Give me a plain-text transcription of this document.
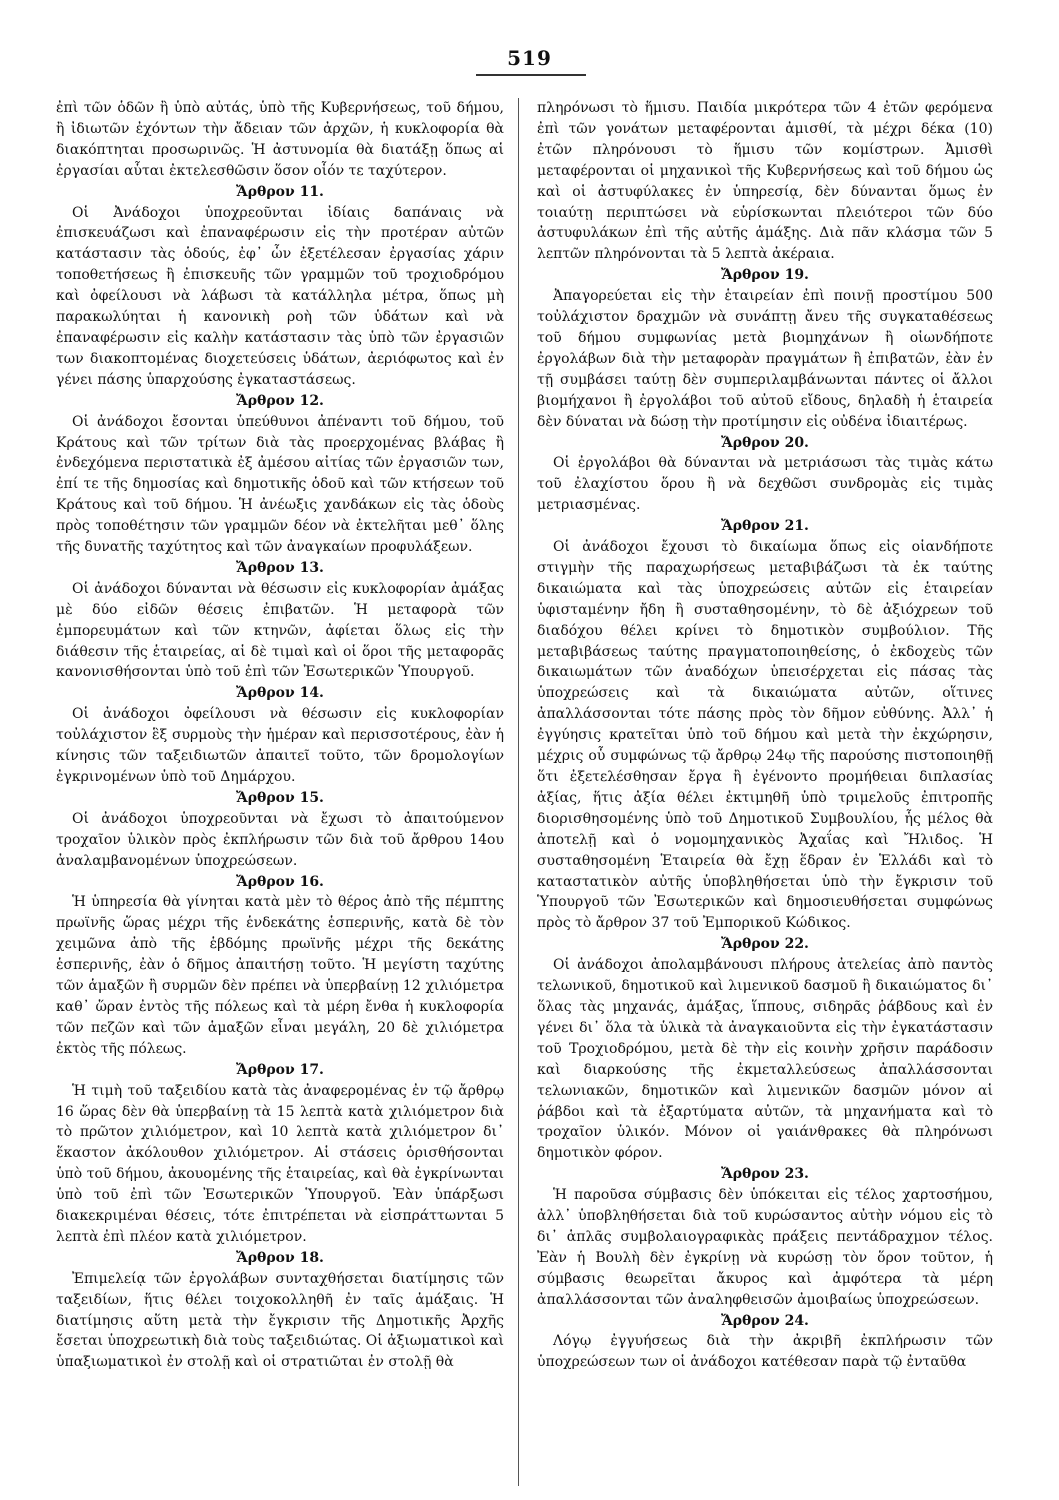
519

ἐπὶ τῶν ὁδῶν ἢ ὑπὸ αὐτάς, ὑπὸ τῆς Κυβερνήσεως, τοῦ δήμου, ἢ ἰδιωτῶν ἐχόντων τὴν ἄδειαν τῶν ἀρχῶν, ἡ κυκλοφορία θὰ διακόπτηται προσωρινῶς. Ἡ ἀστυνομία θὰ διατάξῃ ὅπως αἱ ἐργασίαι αὗται ἐκτελεσθῶσιν ὅσον οἷόν τε ταχύτερον.

Ἄρθρον 11.

Οἱ Ἀνάδοχοι ὑποχρεοῦνται ἰδίαις δαπάναις νὰ ἐπισκευάζωσι καὶ ἐπαναφέρωσιν εἰς τὴν προτέραν αὐτῶν κατάστασιν τὰς ὁδούς, ἐφ᾽ ὧν ἐξετέλεσαν ἐργασίας χάριν τοποθετήσεως ἢ ἐπισκευῆς τῶν γραμμῶν τοῦ τροχιοδρόμου καὶ ὀφείλουσι νὰ λάβωσι τὰ κατάλληλα μέτρα, ὅπως μὴ παρακωλύηται ἡ κανονικὴ ροὴ τῶν ὑδάτων καὶ νὰ ἐπαναφέρωσιν εἰς καλὴν κατάστασιν τὰς ὑπὸ τῶν ἐργασιῶν των διακοπτομένας διοχετεύσεις ὑδάτων, ἀεριόφωτος καὶ ἐν γένει πάσης ὑπαρχούσης ἐγκαταστάσεως.

Ἄρθρον 12.

Οἱ ἀνάδοχοι ἔσονται ὑπεύθυνοι ἀπέναντι τοῦ δήμου, τοῦ Κράτους καὶ τῶν τρίτων διὰ τὰς προερχομένας βλάβας ἢ ἐνδεχόμενα περιστατικὰ ἐξ ἀμέσου αἰτίας τῶν ἐργασιῶν των, ἐπί τε τῆς δημοσίας καὶ δημοτικῆς ὁδοῦ καὶ τῶν κτήσεων τοῦ Κράτους καὶ τοῦ δήμου. Ἡ ἀνέωξις χανδάκων εἰς τὰς ὁδοὺς πρὸς τοποθέτησιν τῶν γραμμῶν δέον νὰ ἐκτελῆται μεθ᾽ ὅλης τῆς δυνατῆς ταχύτητος καὶ τῶν ἀναγκαίων προφυλάξεων.

Ἄρθρον 13.

Οἱ ἀνάδοχοι δύνανται νὰ θέσωσιν εἰς κυκλοφορίαν ἀμάξας μὲ δύο εἰδῶν θέσεις ἐπιβατῶν. Ἡ μεταφορὰ τῶν ἐμπορευμάτων καὶ τῶν κτηνῶν, ἀφίεται ὅλως εἰς τὴν διάθεσιν τῆς ἑταιρείας, αἱ δὲ τιμαὶ καὶ οἱ ὅροι τῆς μεταφορᾶς κανονισθήσονται ὑπὸ τοῦ ἐπὶ τῶν Ἐσωτερικῶν Ὑπουργοῦ.

Ἄρθρον 14.

Οἱ ἀνάδοχοι ὀφείλουσι νὰ θέσωσιν εἰς κυκλοφορίαν τοὐλάχιστον ἓξ συρμοὺς τὴν ἡμέραν καὶ περισσοτέρους, ἐὰν ἡ κίνησις τῶν ταξειδιωτῶν ἀπαιτεῖ τοῦτο, τῶν δρομολογίων ἐγκρινομένων ὑπὸ τοῦ Δημάρχου.

Ἄρθρον 15.

Οἱ ἀνάδοχοι ὑποχρεοῦνται νὰ ἔχωσι τὸ ἀπαιτούμενον τροχαῖον ὑλικὸν πρὸς ἐκπλήρωσιν τῶν διὰ τοῦ ἄρθρου 14ου ἀναλαμβανομένων ὑποχρεώσεων.

Ἄρθρον 16.

Ἡ ὑπηρεσία θὰ γίνηται κατὰ μὲν τὸ θέρος ἀπὸ τῆς πέμπτης πρωϊνῆς ὥρας μέχρι τῆς ἑνδεκάτης ἑσπερινῆς, κατὰ δὲ τὸν χειμῶνα ἀπὸ τῆς ἑβδόμης πρωϊνῆς μέχρι τῆς δεκάτης ἑσπερινῆς, ἐὰν ὁ δῆμος ἀπαιτήσῃ τοῦτο. Ἡ μεγίστη ταχύτης τῶν ἁμαξῶν ἢ συρμῶν δὲν πρέπει νὰ ὑπερβαίνῃ 12 χιλιόμετρα καθ᾽ ὥραν ἐντὸς τῆς πόλεως καὶ τὰ μέρη ἔνθα ἡ κυκλοφορία τῶν πεζῶν καὶ τῶν ἁμαξῶν εἶναι μεγάλη, 20 δὲ χιλιόμετρα ἐκτὸς τῆς πόλεως.

Ἄρθρον 17.

Ἡ τιμὴ τοῦ ταξειδίου κατὰ τὰς ἀναφερομένας ἐν τῷ ἄρθρῳ 16 ὥρας δὲν θὰ ὑπερβαίνῃ τὰ 15 λεπτὰ κατὰ χιλιόμετρον διὰ τὸ πρῶτον χιλιόμετρον, καὶ 10 λεπτὰ κατὰ χιλιόμετρον δι᾽ ἕκαστον ἀκόλουθον χιλιόμετρον. Αἱ στάσεις ὁρισθήσονται ὑπὸ τοῦ δήμου, ἀκουομένης τῆς ἑταιρείας, καὶ θὰ ἐγκρίνωνται ὑπὸ τοῦ ἐπὶ τῶν Ἐσωτερικῶν Ὑπουργοῦ. Ἐὰν ὑπάρξωσι διακεκριμέναι θέσεις, τότε ἐπιτρέπεται νὰ εἰσπράττωνται 5 λεπτὰ ἐπὶ πλέον κατὰ χιλιόμετρον.

Ἄρθρον 18.

Ἐπιμελείᾳ τῶν ἐργολάβων συνταχθήσεται διατίμησις τῶν ταξειδίων, ἥτις θέλει τοιχοκολληθῆ ἐν ταῖς ἁμάξαις. Ἡ διατίμησις αὕτη μετὰ τὴν ἔγκρισιν τῆς Δημοτικῆς Ἀρχῆς ἔσεται ὑποχρεωτικὴ διὰ τοὺς ταξειδιώτας. Οἱ ἀξιωματικοὶ καὶ ὑπαξιωματικοὶ ἐν στολῇ καὶ οἱ στρατιῶται ἐν στολῇ θὰ

πληρόνωσι τὸ ἥμισυ. Παιδία μικρότερα τῶν 4 ἐτῶν φερόμενα ἐπὶ τῶν γονάτων μεταφέρονται ἀμισθί, τὰ μέχρι δέκα (10) ἐτῶν πληρόνουσι τὸ ἥμισυ τῶν κομίστρων. Ἀμισθὶ μεταφέρονται οἱ μηχανικοὶ τῆς Κυβερνήσεως καὶ τοῦ δήμου ὡς καὶ οἱ ἀστυφύλακες ἐν ὑπηρεσίᾳ, δὲν δύνανται ὅμως ἐν τοιαύτῃ περιπτώσει νὰ εὑρίσκωνται πλειότεροι τῶν δύο ἀστυφυλάκων ἐπὶ τῆς αὐτῆς ἁμάξης. Διὰ πᾶν κλάσμα τῶν 5 λεπτῶν πληρόνονται τὰ 5 λεπτὰ ἀκέραια.

Ἄρθρον 19.

Ἀπαγορεύεται εἰς τὴν ἑταιρείαν ἐπὶ ποινῇ προστίμου 500 τοὐλάχιστον δραχμῶν νὰ συνάπτῃ ἄνευ τῆς συγκαταθέσεως τοῦ δήμου συμφωνίας μετὰ βιομηχάνων ἢ οἱωνδήποτε ἐργολάβων διὰ τὴν μεταφορὰν πραγμάτων ἢ ἐπιβατῶν, ἐὰν ἐν τῇ συμβάσει ταύτῃ δὲν συμπεριλαμβάνωνται πάντες οἱ ἄλλοι βιομήχανοι ἢ ἐργολάβοι τοῦ αὐτοῦ εἴδους, δηλαδὴ ἡ ἑταιρεία δὲν δύναται νὰ δώσῃ τὴν προτίμησιν εἰς οὐδένα ἰδιαιτέρως.

Ἄρθρον 20.

Οἱ ἐργολάβοι θὰ δύνανται νὰ μετριάσωσι τὰς τιμὰς κάτω τοῦ ἐλαχίστου ὅρου ἢ νὰ δεχθῶσι συνδρομὰς εἰς τιμὰς μετριασμένας.

Ἄρθρον 21.

Οἱ ἀνάδοχοι ἔχουσι τὸ δικαίωμα ὅπως εἰς οἱανδήποτε στιγμὴν τῆς παραχωρήσεως μεταβιβάζωσι τὰ ἐκ ταύτης δικαιώματα καὶ τὰς ὑποχρεώσεις αὐτῶν εἰς ἑταιρείαν ὑφισταμένην ἤδη ἢ συσταθησομένην, τὸ δὲ ἀξιόχρεων τοῦ διαδόχου θέλει κρίνει τὸ δημοτικὸν συμβούλιον. Τῆς μεταβιβάσεως ταύτης πραγματοποιηθείσης, ὁ ἐκδοχεὺς τῶν δικαιωμάτων τῶν ἀναδόχων ὑπεισέρχεται εἰς πάσας τὰς ὑποχρεώσεις καὶ τὰ δικαιώματα αὐτῶν, οἵτινες ἀπαλλάσσονται τότε πάσης πρὸς τὸν δῆμον εὐθύνης. Ἀλλ᾽ ἡ ἐγγύησις κρατεῖται ὑπὸ τοῦ δήμου καὶ μετὰ τὴν ἐκχώρησιν, μέχρις οὗ συμφώνως τῷ ἄρθρῳ 24ῳ τῆς παρούσης πιστοποιηθῇ ὅτι ἐξετελέσθησαν ἔργα ἢ ἐγένοντο προμήθειαι διπλασίας ἀξίας, ἥτις ἀξία θέλει ἐκτιμηθῆ ὑπὸ τριμελοῦς ἐπιτροπῆς διορισθησομένης ὑπὸ τοῦ Δημοτικοῦ Συμβουλίου, ἧς μέλος θὰ ἀποτελῇ καὶ ὁ νομομηχανικὸς Ἀχαΐας καὶ Ἤλιδος. Ἡ συσταθησομένη Ἑταιρεία θὰ ἔχῃ ἕδραν ἐν Ἑλλάδι καὶ τὸ καταστατικὸν αὐτῆς ὑποβληθήσεται ὑπὸ τὴν ἔγκρισιν τοῦ Ὑπουργοῦ τῶν Ἐσωτερικῶν καὶ δημοσιευθήσεται συμφώνως πρὸς τὸ ἄρθρον 37 τοῦ Ἐμπορικοῦ Κώδικος.

Ἄρθρον 22.

Οἱ ἀνάδοχοι ἀπολαμβάνουσι πλήρους ἀτελείας ἀπὸ παντὸς τελωνικοῦ, δημοτικοῦ καὶ λιμενικοῦ δασμοῦ ἢ δικαιώματος δι᾽ ὅλας τὰς μηχανάς, ἁμάξας, ἵππους, σιδηρᾶς ῥάβδους καὶ ἐν γένει δι᾽ ὅλα τὰ ὑλικὰ τὰ ἀναγκαιοῦντα εἰς τὴν ἐγκατάστασιν τοῦ Τροχιοδρόμου, μετὰ δὲ τὴν εἰς κοινὴν χρῆσιν παράδοσιν καὶ διαρκούσης τῆς ἐκμεταλλεύσεως ἀπαλλάσσονται τελωνιακῶν, δημοτικῶν καὶ λιμενικῶν δασμῶν μόνον αἱ ῥάβδοι καὶ τὰ ἐξαρτύματα αὐτῶν, τὰ μηχανήματα καὶ τὸ τροχαῖον ὑλικόν. Μόνον οἱ γαιάνθρακες θὰ πληρόνωσι δημοτικὸν φόρον.

Ἄρθρον 23.

Ἡ παροῦσα σύμβασις δὲν ὑπόκειται εἰς τέλος χαρτοσήμου, ἀλλ᾽ ὑποβληθήσεται διὰ τοῦ κυρώσαντος αὐτὴν νόμου εἰς τὸ δι᾽ ἁπλᾶς συμβολαιογραφικὰς πράξεις πεντάδραχμον τέλος. Ἐὰν ἡ Βουλὴ δὲν ἐγκρίνῃ νὰ κυρώσῃ τὸν ὅρον τοῦτον, ἡ σύμβασις θεωρεῖται ἄκυρος καὶ ἀμφότερα τὰ μέρη ἀπαλλάσσονται τῶν ἀναληφθεισῶν ἀμοιβαίως ὑποχρεώσεων.

Ἄρθρον 24.

Λόγῳ ἐγγυήσεως διὰ τὴν ἀκριβῆ ἐκπλήρωσιν τῶν ὑποχρεώσεων των οἱ ἀνάδοχοι κατέθεσαν παρὰ τῷ ἐνταῦθα
